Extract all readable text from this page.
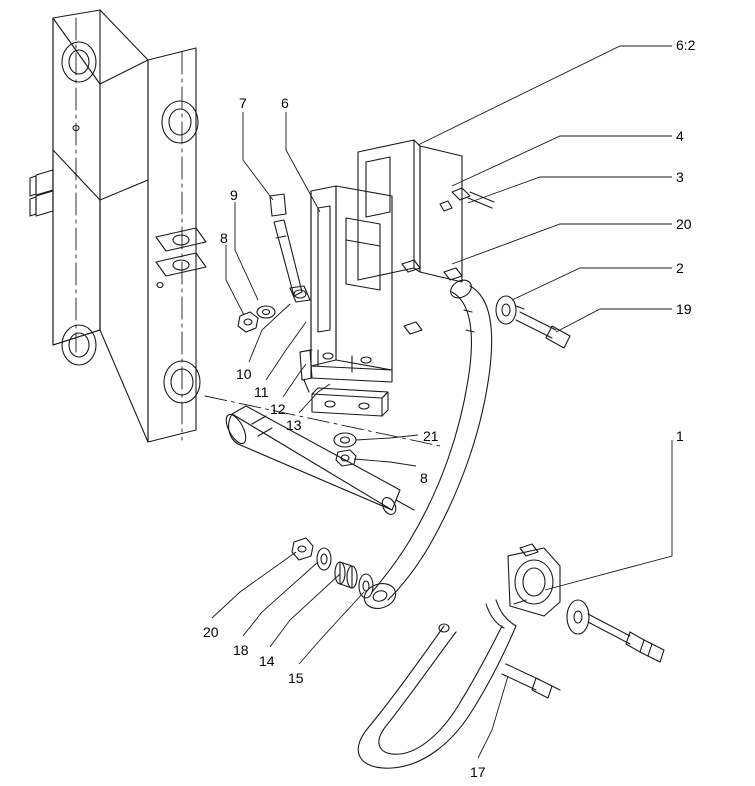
6:2
7 6
4
3
9
20
8
2
19
10
11
12
13
21	1
8
20
18
14
15
17
